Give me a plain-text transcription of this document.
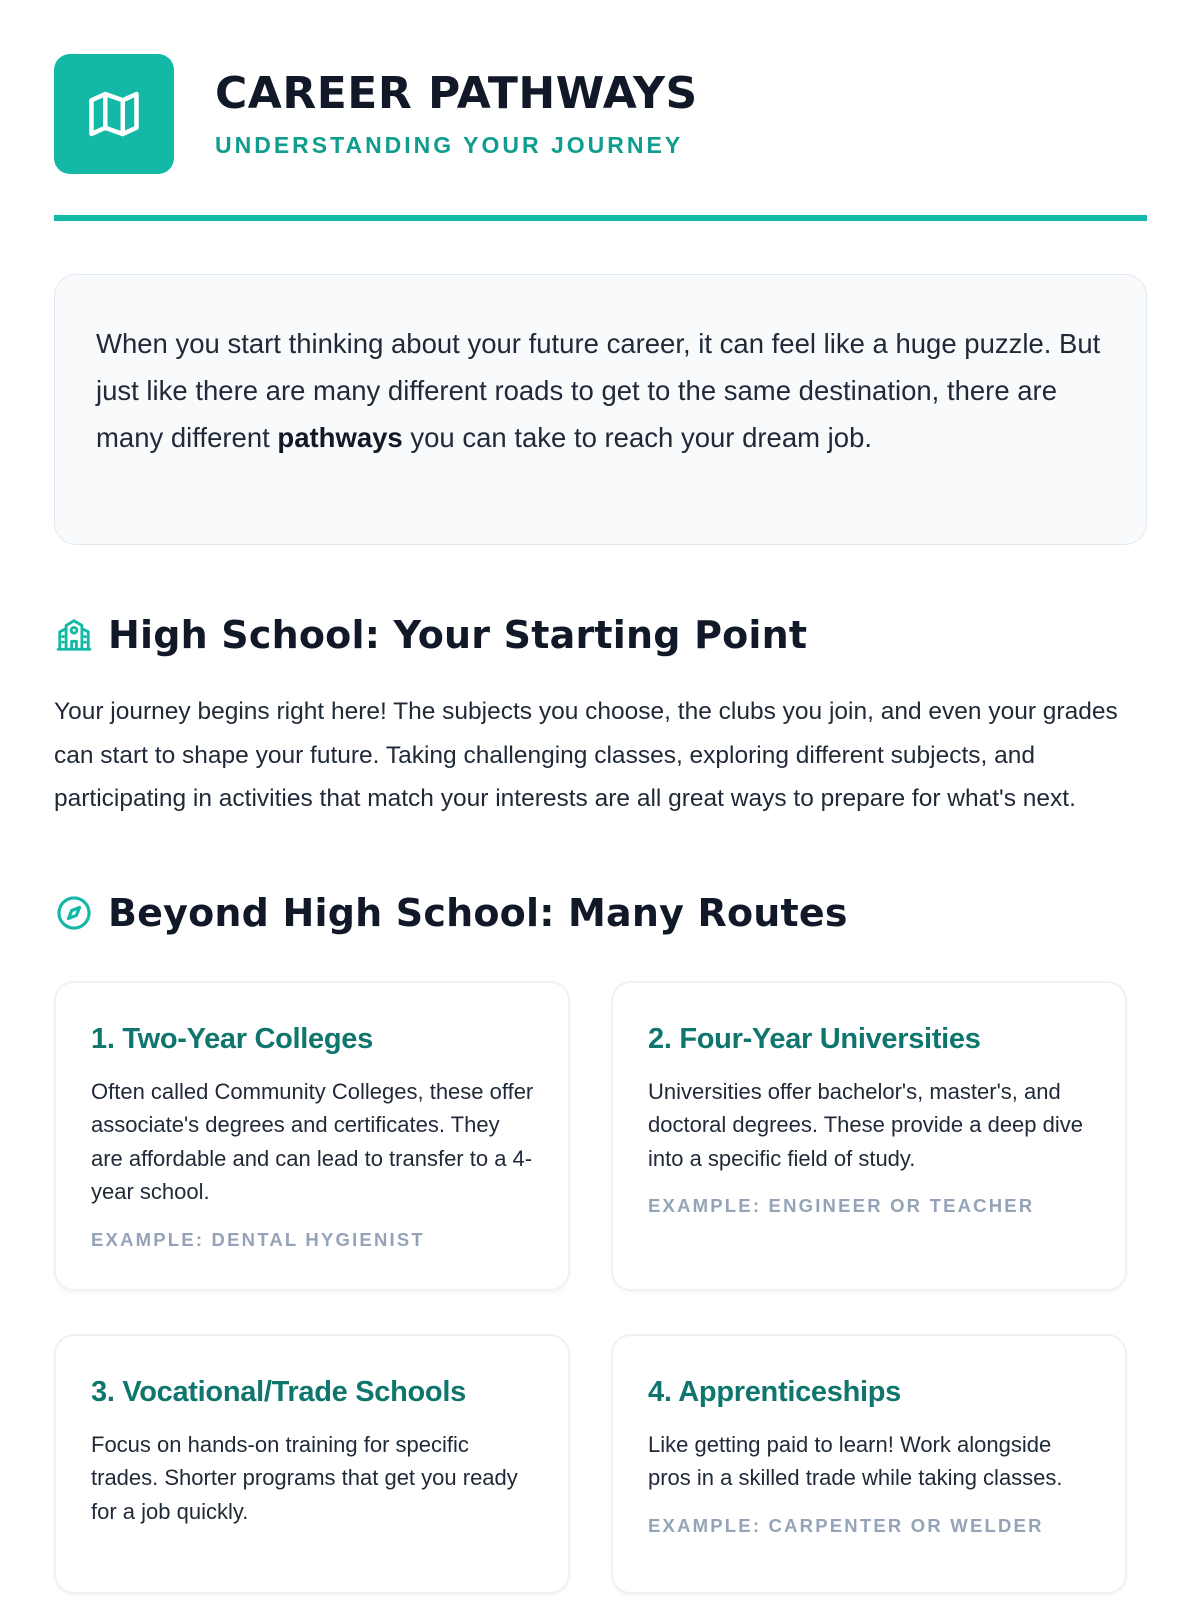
CAREER PATHWAYS
UNDERSTANDING YOUR JOURNEY

When you start thinking about your future career, it can feel like a huge puzzle. But just like there are many different roads to get to the same destination, there are many different pathways you can take to reach your dream job.

High School: Your Starting Point

Your journey begins right here! The subjects you choose, the clubs you join, and even your grades can start to shape your future. Taking challenging classes, exploring different subjects, and participating in activities that match your interests are all great ways to prepare for what's next.

Beyond High School: Many Routes
1. Two-Year Colleges

Often called Community Colleges, these offer associate's degrees and certificates. They are affordable and can lead to transfer to a 4-year school.

EXAMPLE: DENTAL HYGIENIST
2. Four-Year Universities

Universities offer bachelor's, master's, and doctoral degrees. These provide a deep dive into a specific field of study.

EXAMPLE: ENGINEER OR TEACHER
3. Vocational/Trade Schools

Focus on hands-on training for specific trades. Shorter programs that get you ready for a job quickly.

4. Apprenticeships

Like getting paid to learn! Work alongside pros in a skilled trade while taking classes.

EXAMPLE: CARPENTER OR WELDER
